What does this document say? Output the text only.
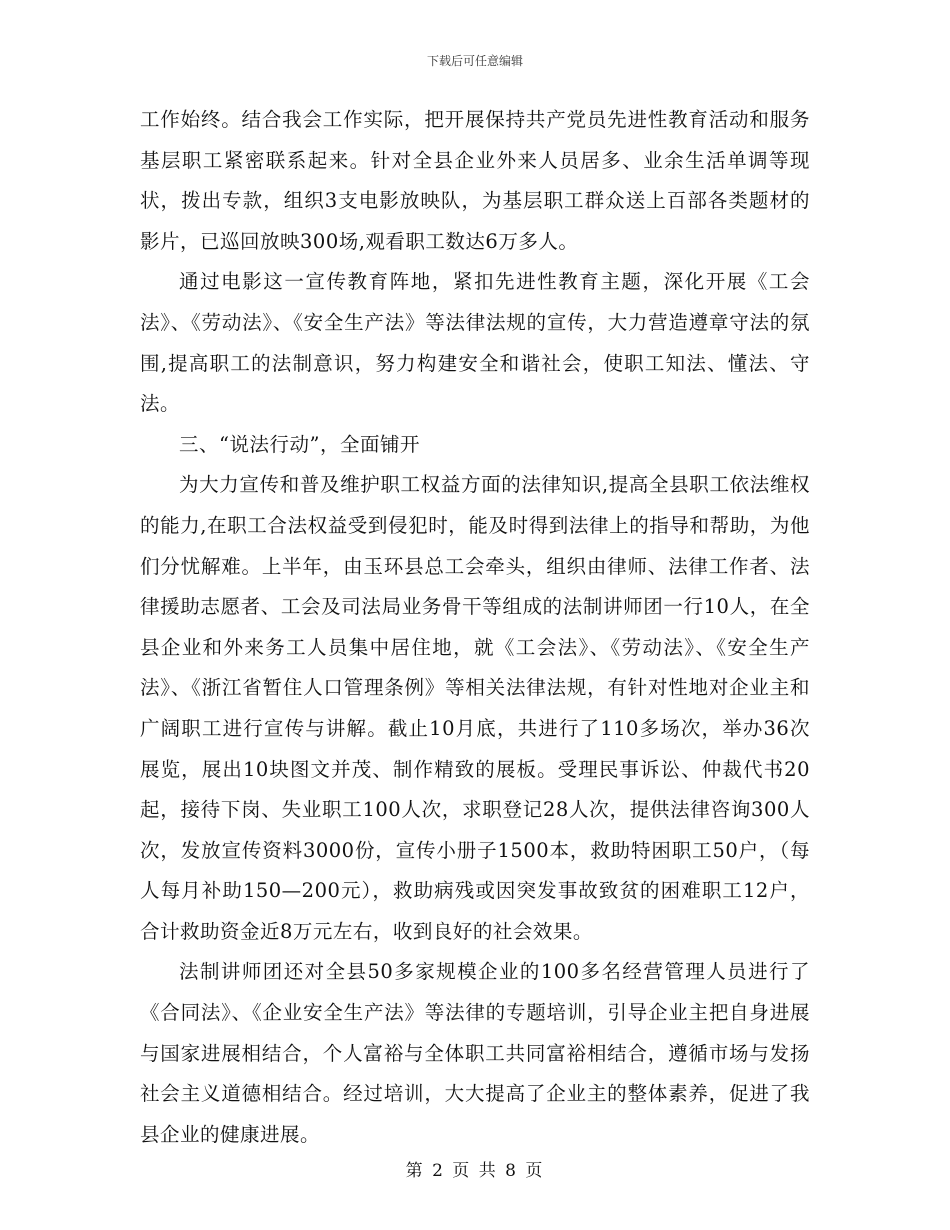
下载后可任意编辑

工作始终。结合我会工作实际，把开展保持共产党员先进性教育活动和服务基层职工紧密联系起来。针对全县企业外来人员居多、业余生活单调等现状，拨出专款，组织3支电影放映队，为基层职工群众送上百部各类题材的影片，已巡回放映300场,观看职工数达6万多人。

通过电影这一宣传教育阵地，紧扣先进性教育主题，深化开展《工会法》、《劳动法》、《安全生产法》等法律法规的宣传，大力营造遵章守法的氛围,提高职工的法制意识，努力构建安全和谐社会，使职工知法、懂法、守法。

三、“说法行动”，全面铺开

为大力宣传和普及维护职工权益方面的法律知识,提高全县职工依法维权的能力,在职工合法权益受到侵犯时，能及时得到法律上的指导和帮助，为他们分忧解难。上半年，由玉环县总工会牵头，组织由律师、法律工作者、法律援助志愿者、工会及司法局业务骨干等组成的法制讲师团一行10人，在全县企业和外来务工人员集中居住地，就《工会法》、《劳动法》、《安全生产法》、《浙江省暂住人口管理条例》等相关法律法规，有针对性地对企业主和广阔职工进行宣传与讲解。截止10月底，共进行了110多场次，举办36次展览，展出10块图文并茂、制作精致的展板。受理民事诉讼、仲裁代书20起，接待下岗、失业职工100人次，求职登记28人次，提供法律咨询300人次，发放宣传资料3000份，宣传小册子1500本，救助特困职工50户，（每人每月补助150—200元），救助病残或因突发事故致贫的困难职工12户，合计救助资金近8万元左右，收到良好的社会效果。

法制讲师团还对全县50多家规模企业的100多名经营管理人员进行了《合同法》、《企业安全生产法》等法律的专题培训，引导企业主把自身进展与国家进展相结合，个人富裕与全体职工共同富裕相结合，遵循市场与发扬社会主义道德相结合。经过培训，大大提高了企业主的整体素养，促进了我县企业的健康进展。

第 2 页 共 8 页
